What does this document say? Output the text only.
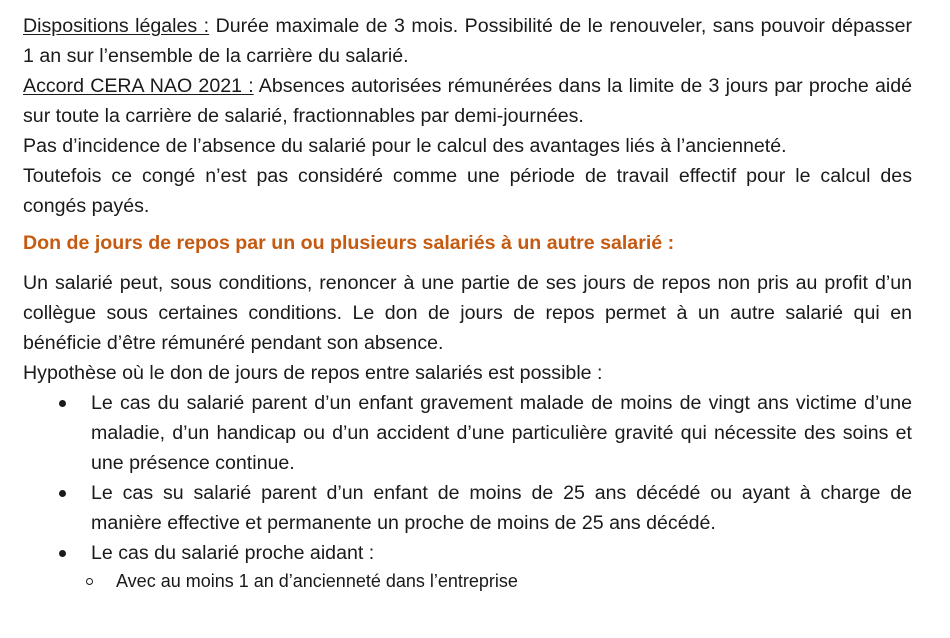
Dispositions légales : Durée maximale de 3 mois. Possibilité de le renouveler, sans pouvoir dépasser 1 an sur l’ensemble de la carrière du salarié.

Accord CERA NAO 2021 : Absences autorisées rémunérées dans la limite de 3 jours par proche aidé sur toute la carrière de salarié, fractionnables par demi-journées.

Pas d’incidence de l’absence du salarié pour le calcul des avantages liés à l’ancienneté.

Toutefois ce congé n’est pas considéré comme une période de travail effectif pour le calcul des congés payés.

Don de jours de repos par un ou plusieurs salariés à un autre salarié :

Un salarié peut, sous conditions, renoncer à une partie de ses jours de repos non pris au profit d’un collègue sous certaines conditions. Le don de jours de repos permet à un autre salarié qui en bénéficie d’être rémunéré pendant son absence.

Hypothèse où le don de jours de repos entre salariés est possible :

Le cas du salarié parent d’un enfant gravement malade de moins de vingt ans victime d’une maladie, d’un handicap ou d’un accident d’une particulière gravité qui nécessite des soins et une présence continue.
Le cas su salarié parent d’un enfant de moins de 25 ans décédé ou ayant à charge de manière effective et permanente un proche de moins de 25 ans décédé.
Le cas du salarié proche aidant :
Avec au moins 1 an d’ancienneté dans l’entreprise
